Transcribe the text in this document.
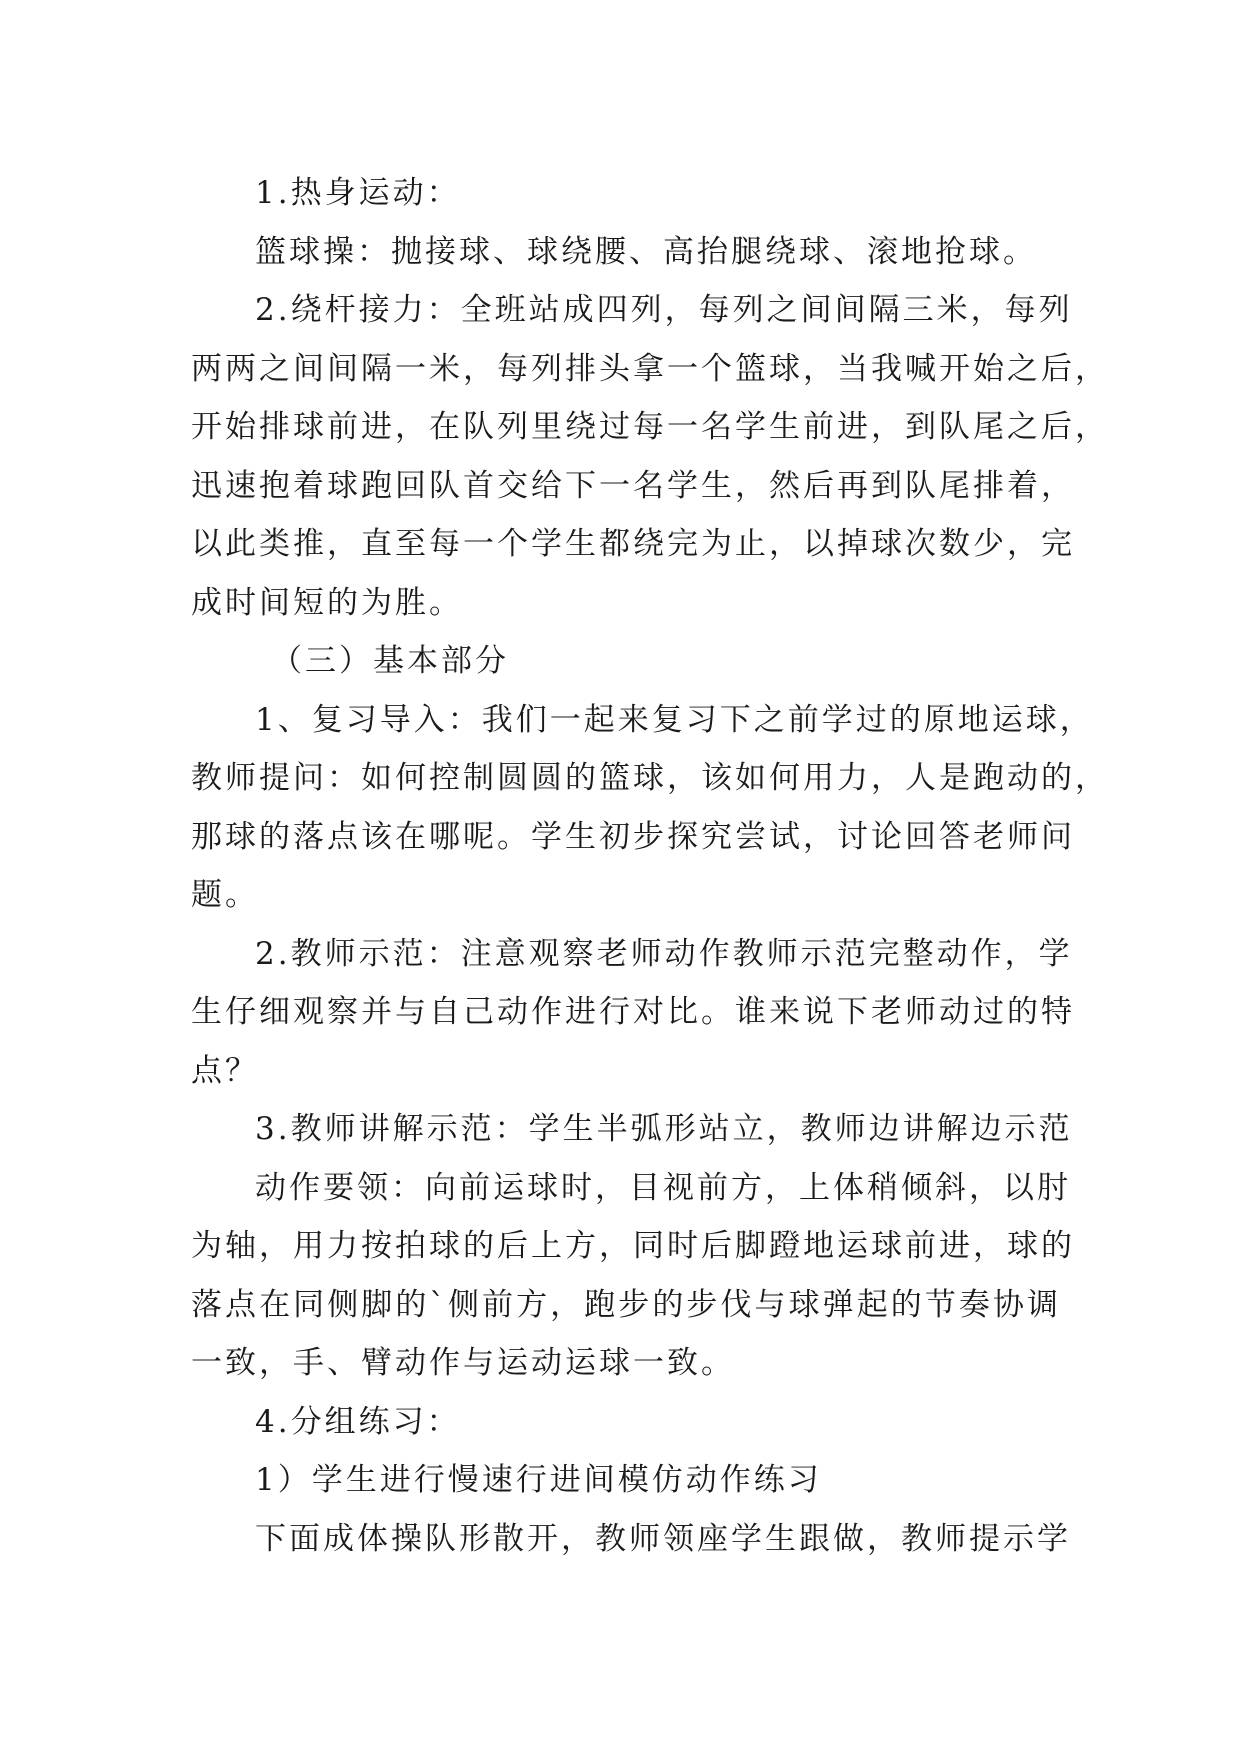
1.热身运动：
篮球操：抛接球、球绕腰、高抬腿绕球、滚地抢球。
2.绕杆接力：全班站成四列，每列之间间隔三米，每列
两两之间间隔一米，每列排头拿一个篮球，当我喊开始之后，
开始排球前进，在队列里绕过每一名学生前进，到队尾之后，
迅速抱着球跑回队首交给下一名学生，然后再到队尾排着，
以此类推，直至每一个学生都绕完为止，以掉球次数少，完
成时间短的为胜。
（三）基本部分
1、复习导入：我们一起来复习下之前学过的原地运球，
教师提问：如何控制圆圆的篮球，该如何用力，人是跑动的，
那球的落点该在哪呢。学生初步探究尝试，讨论回答老师问
题。
2.教师示范：注意观察老师动作教师示范完整动作，学
生仔细观察并与自己动作进行对比。谁来说下老师动过的特
点？
3.教师讲解示范：学生半弧形站立，教师边讲解边示范
动作要领：向前运球时，目视前方，上体稍倾斜，以肘
为轴，用力按拍球的后上方，同时后脚蹬地运球前进，球的
落点在同侧脚的`侧前方，跑步的步伐与球弹起的节奏协调
一致，手、臂动作与运动运球一致。
4.分组练习：
1）学生进行慢速行进间模仿动作练习
下面成体操队形散开，教师领座学生跟做，教师提示学
